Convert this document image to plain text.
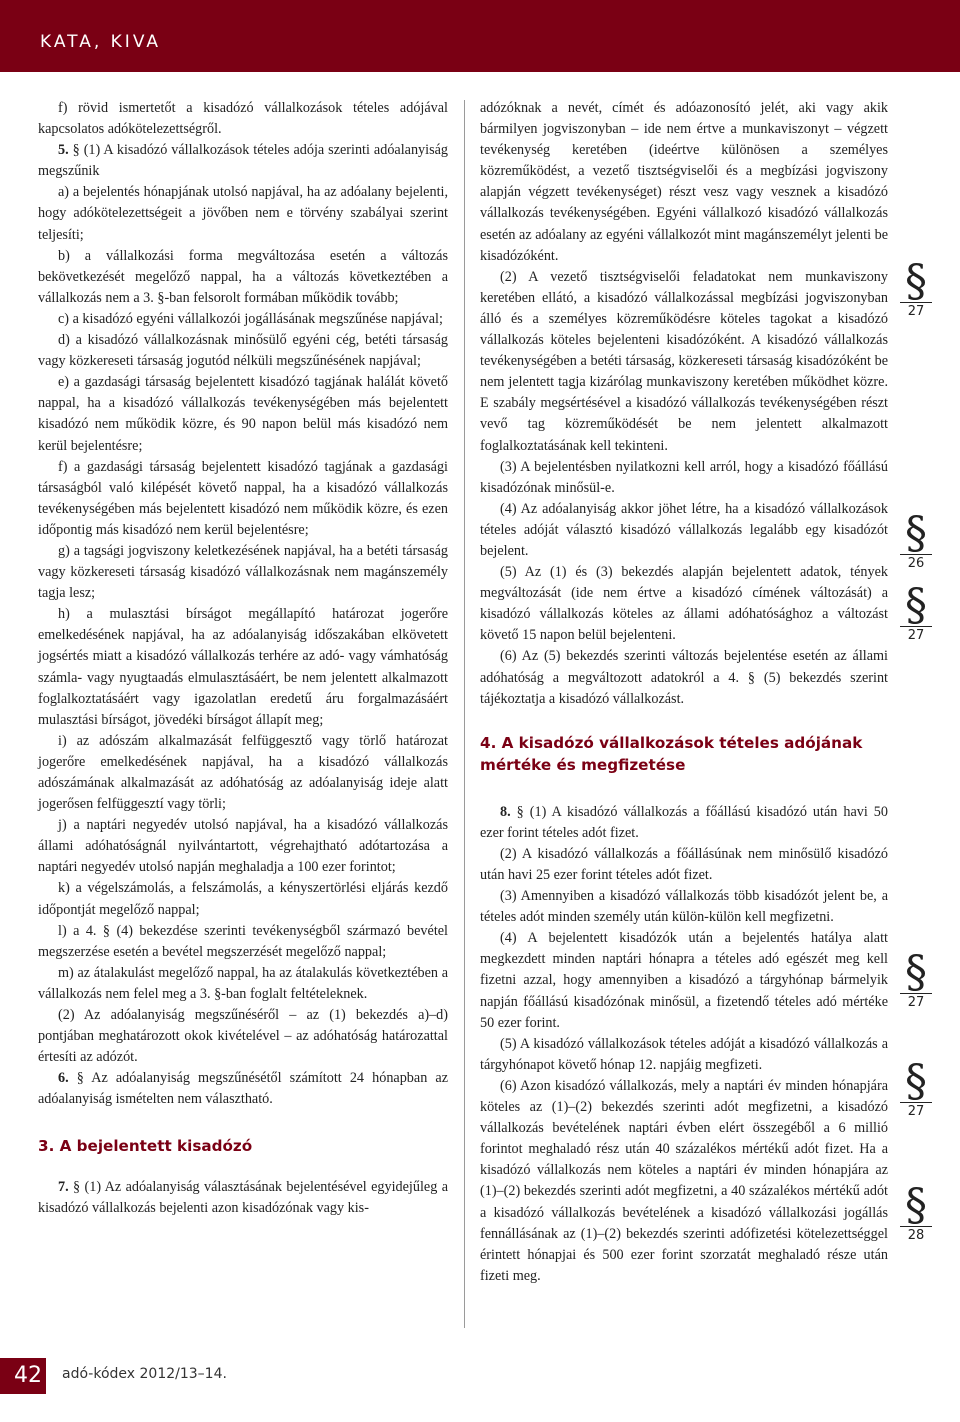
KATA, KIVA

f) rövid ismertetőt a kisadózó vállalkozások tételes adójával kapcsolatos adókötelezettségről.

5. § (1) A kisadózó vállalkozások tételes adója szerinti adóalanyiság megszűnik

a) a bejelentés hónapjának utolsó napjával, ha az adóalany bejelenti, hogy adókötelezettségeit a jövőben nem e törvény szabályai szerint teljesíti;

b) a vállalkozási forma megváltozása esetén a változás bekövetkezését megelőző nappal, ha a változás következtében a vállalkozás nem a 3. §-ban felsorolt formában működik tovább;

c) a kisadózó egyéni vállalkozói jogállásának megszűnése napjával;

d) a kisadózó vállalkozásnak minősülő egyéni cég, betéti társaság vagy közkereseti társaság jogutód nélküli megszűnésének napjával;

e) a gazdasági társaság bejelentett kisadózó tagjának halálát követő nappal, ha a kisadózó vállalkozás tevékenységében más bejelentett kisadózó nem működik közre, és 90 napon belül más kisadózó nem kerül bejelentésre;

f) a gazdasági társaság bejelentett kisadózó tagjának a gazdasági társaságból való kilépését követő nappal, ha a kisadózó vállalkozás tevékenységében más bejelentett kisadózó nem működik közre, és ezen időpontig más kisadózó nem kerül bejelentésre;

g) a tagsági jogviszony keletkezésének napjával, ha a betéti társaság vagy közkereseti társaság kisadózó vállalkozásnak nem magánszemély tagja lesz;

h) a mulasztási bírságot megállapító határozat jogerőre emelkedésének napjával, ha az adóalanyiság időszakában elkövetett jogsértés miatt a kisadózó vállalkozás terhére az adó- vagy vámhatóság számla- vagy nyugtaadás elmulasztásáért, be nem jelentett alkalmazott foglalkoztatásáért vagy igazolatlan eredetű áru forgalmazásáért mulasztási bírságot, jövedéki bírságot állapít meg;

i) az adószám alkalmazását felfüggesztő vagy törlő határozat jogerőre emelkedésének napjával, ha a kisadózó vállalkozás adószámának alkalmazását az adóhatóság az adóalanyiság ideje alatt jogerősen felfüggesztí vagy törli;

j) a naptári negyedév utolsó napjával, ha a kisadózó vállalkozás állami adóhatóságnál nyilvántartott, végrehajtható adótartozása a naptári negyedév utolsó napján meghaladja a 100 ezer forintot;

k) a végelszámolás, a felszámolás, a kényszertörlési eljárás kezdő időpontját megelőző nappal;

l) a 4. § (4) bekezdése szerinti tevékenységből származó bevétel megszerzése esetén a bevétel megszerzését megelőző nappal;

m) az átalakulást megelőző nappal, ha az átalakulás következtében a vállalkozás nem felel meg a 3. §-ban foglalt feltételeknek.

(2) Az adóalanyiság megszűnéséről – az (1) bekezdés a)–d) pontjában meghatározott okok kivételével – az adóhatóság határozattal értesíti az adózót.

6. § Az adóalanyiság megszűnésétől számított 24 hónapban az adóalanyiság ismételten nem választható.

3. A bejelentett kisadózó

7. § (1) Az adóalanyiság választásának bejelentésével egyidejűleg a kisadózó vállalkozás bejelenti azon kisadózónak vagy kis-

adózóknak a nevét, címét és adóazonosító jelét, aki vagy akik bármilyen jogviszonyban – ide nem értve a munkaviszonyt – végzett tevékenység keretében (ideértve különösen a személyes közreműködést, a vezető tisztségviselői és a megbízási jogviszony alapján végzett tevékenységet) részt vesz vagy vesznek a kisadózó vállalkozás tevékenységében. Egyéni vállalkozó kisadózó vállalkozás esetén az adóalany az egyéni vállalkozót mint magánszemélyt jelenti be kisadózóként.

(2) A vezető tisztségviselői feladatokat nem munkaviszony keretében ellátó, a kisadózó vállalkozással megbízási jogviszonyban álló és a személyes közreműködésre köteles tagokat a kisadózó vállalkozás köteles bejelenteni kisadózóként. A kisadózó vállalkozás tevékenységében a betéti társaság, közkereseti társaság kisadózóként be nem jelentett tagja kizárólag munkaviszony keretében működhet közre. E szabály megsértésével a kisadózó vállalkozás tevékenységében részt vevő tag közreműködését be nem jelentett alkalmazott foglalkoztatásának kell tekinteni.

(3) A bejelentésben nyilatkozni kell arról, hogy a kisadózó főállású kisadózónak minősül-e.

(4) Az adóalanyiság akkor jöhet létre, ha a kisadózó vállalkozások tételes adóját választó kisadózó vállalkozás legalább egy kisadózót bejelent.

(5) Az (1) és (3) bekezdés alapján bejelentett adatok, tények megváltozását (ide nem értve a kisadózó címének változását) a kisadózó vállalkozás köteles az állami adóhatósághoz a változást követő 15 napon belül bejelenteni.

(6) Az (5) bekezdés szerinti változás bejelentése esetén az állami adóhatóság a megváltozott adatokról a 4. § (5) bekezdés szerint tájékoztatja a kisadózó vállalkozást.

4. A kisadózó vállalkozások tételes adójának mértéke és megfizetése

8. § (1) A kisadózó vállalkozás a főállású kisadózó után havi 50 ezer forint tételes adót fizet.

(2) A kisadózó vállalkozás a főállásúnak nem minősülő kisadózó után havi 25 ezer forint tételes adót fizet.

(3) Amennyiben a kisadózó vállalkozás több kisadózót jelent be, a tételes adót minden személy után külön-külön kell megfizetni.

(4) A bejelentett kisadózók után a bejelentés hatálya alatt megkezdett minden naptári hónapra a tételes adó egészét meg kell fizetni azzal, hogy amennyiben a kisadózó a tárgyhónap bármelyik napján főállású kisadózónak minősül, a fizetendő tételes adó mértéke 50 ezer forint.

(5) A kisadózó vállalkozások tételes adóját a kisadózó vállalkozás a tárgyhónapot követő hónap 12. napjáig megfizeti.

(6) Azon kisadózó vállalkozás, mely a naptári év minden hónapjára köteles az (1)–(2) bekezdés szerinti adót megfizetni, a kisadózó vállalkozás bevételének naptári évben elért összegéből a 6 millió forintot meghaladó rész után 40 százalékos mértékű adót fizet. Ha a kisadózó vállalkozás nem köteles a naptári év minden hónapjára az (1)–(2) bekezdés szerinti adót megfizetni, a 40 százalékos mértékű adót a kisadózó vállalkozás bevételének a kisadózó vállalkozási jogállás fennállásának az (1)–(2) bekezdés szerinti adófizetési kötelezettséggel érintett hónapjai és 500 ezer forint szorzatát meghaladó része után fizeti meg.

§
27
§
26
§
27
§
27
§
27
§
28
42 adó-kódex 2012/13–14.
